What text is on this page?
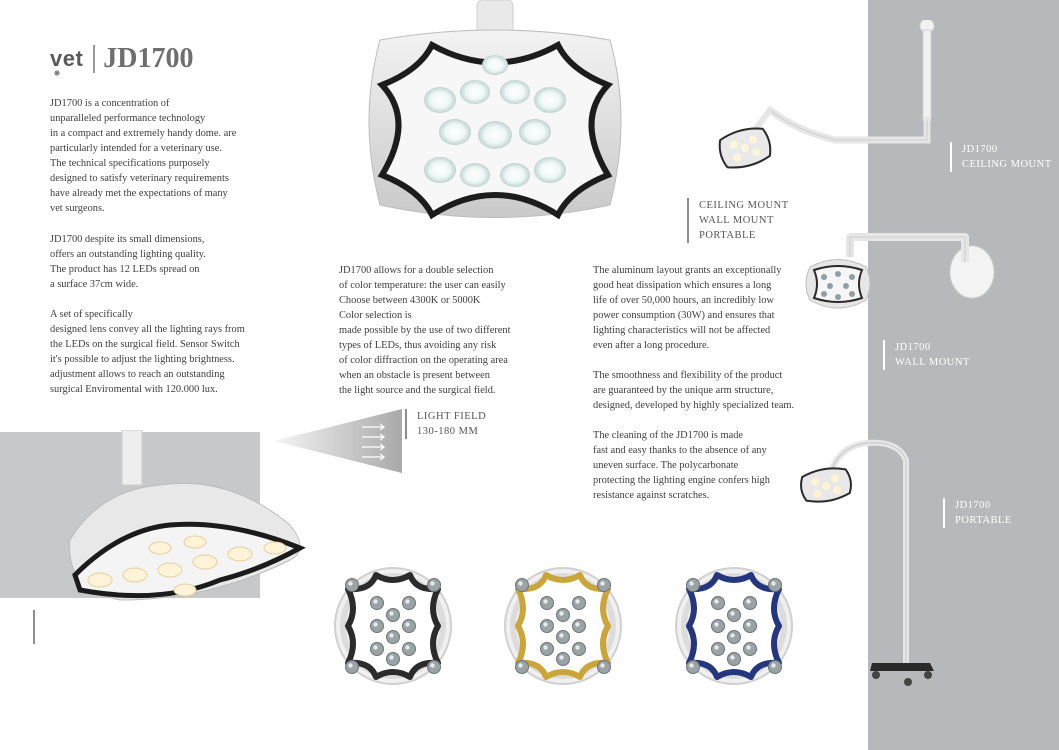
vet JD1700
JD1700 is a concentration of
unparalleled performance technology
in a compact and extremely handy dome. are
particularly intended for a veterinary use.
The technical specifications purposely
designed to satisfy veterinary requirements
have already met the expectations of many
vet surgeons.
JD1700 despite its small dimensions,
offers an outstanding lighting quality.
The product has 12 LEDs spread on
a surface 37cm wide.
A set of specifically
designed lens convey all the lighting rays from
the LEDs on the surgical field. Sensor Switch
it's possible to adjust the lighting brightness.
adjustment allows to reach an outstanding
surgical Enviromental with 120.000 lux.
JD1700 allows for a double selection
of color temperature: the user can easily
Choose between 4300K or 5000K
Color selection is
made possible by the use of two different
types of LEDs, thus avoiding any risk
of color diffraction on the operating area
when an obstacle is present between
the light source and the surgical field.
The aluminum layout grants an exceptionally
good heat dissipation which ensures a long
life of over 50,000 hours, an incredibly low
power consumption (30W) and ensures that
lighting characteristics will not be affected
even after a long procedure.
The smoothness and flexibility of the product
are guaranteed by the unique arm structure,
designed, developed by highly specialized team.
The cleaning of the JD1700 is made
fast and easy thanks to the absence of any
uneven surface. The polycarbonate
protecting the lighting engine confers high
resistance against scratches.
LIGHT FIELD
130-180 MM
CEILING MOUNT
WALL MOUNT
PORTABLE
JD1700
CEILING MOUNT
JD1700
WALL MOUNT
JD1700
PORTABLE
